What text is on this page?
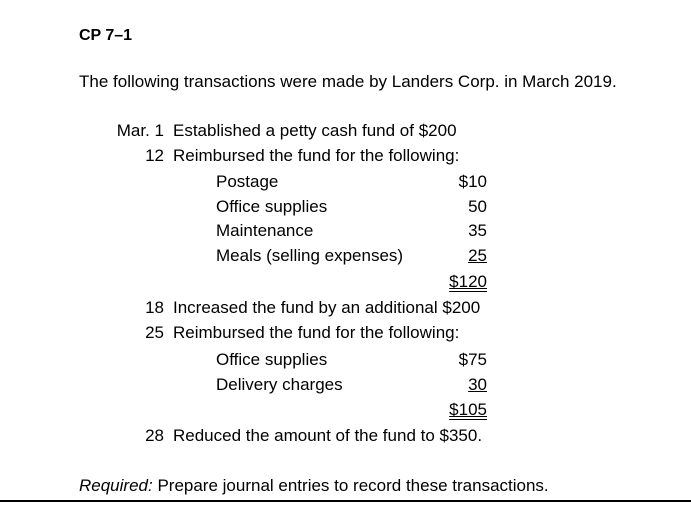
CP 7–1
The following transactions were made by Landers Corp. in March 2019.
Mar. 1 Established a petty cash fund of $200
12 Reimbursed the fund for the following:
Postage	$10
Office supplies	50
Maintenance	35
Meals (selling expenses)	25
$120
18 Increased the fund by an additional $200
25 Reimbursed the fund for the following:
Office supplies	$75
Delivery charges	30
$105
28 Reduced the amount of the fund to $350.
Required: Prepare journal entries to record these transactions.
